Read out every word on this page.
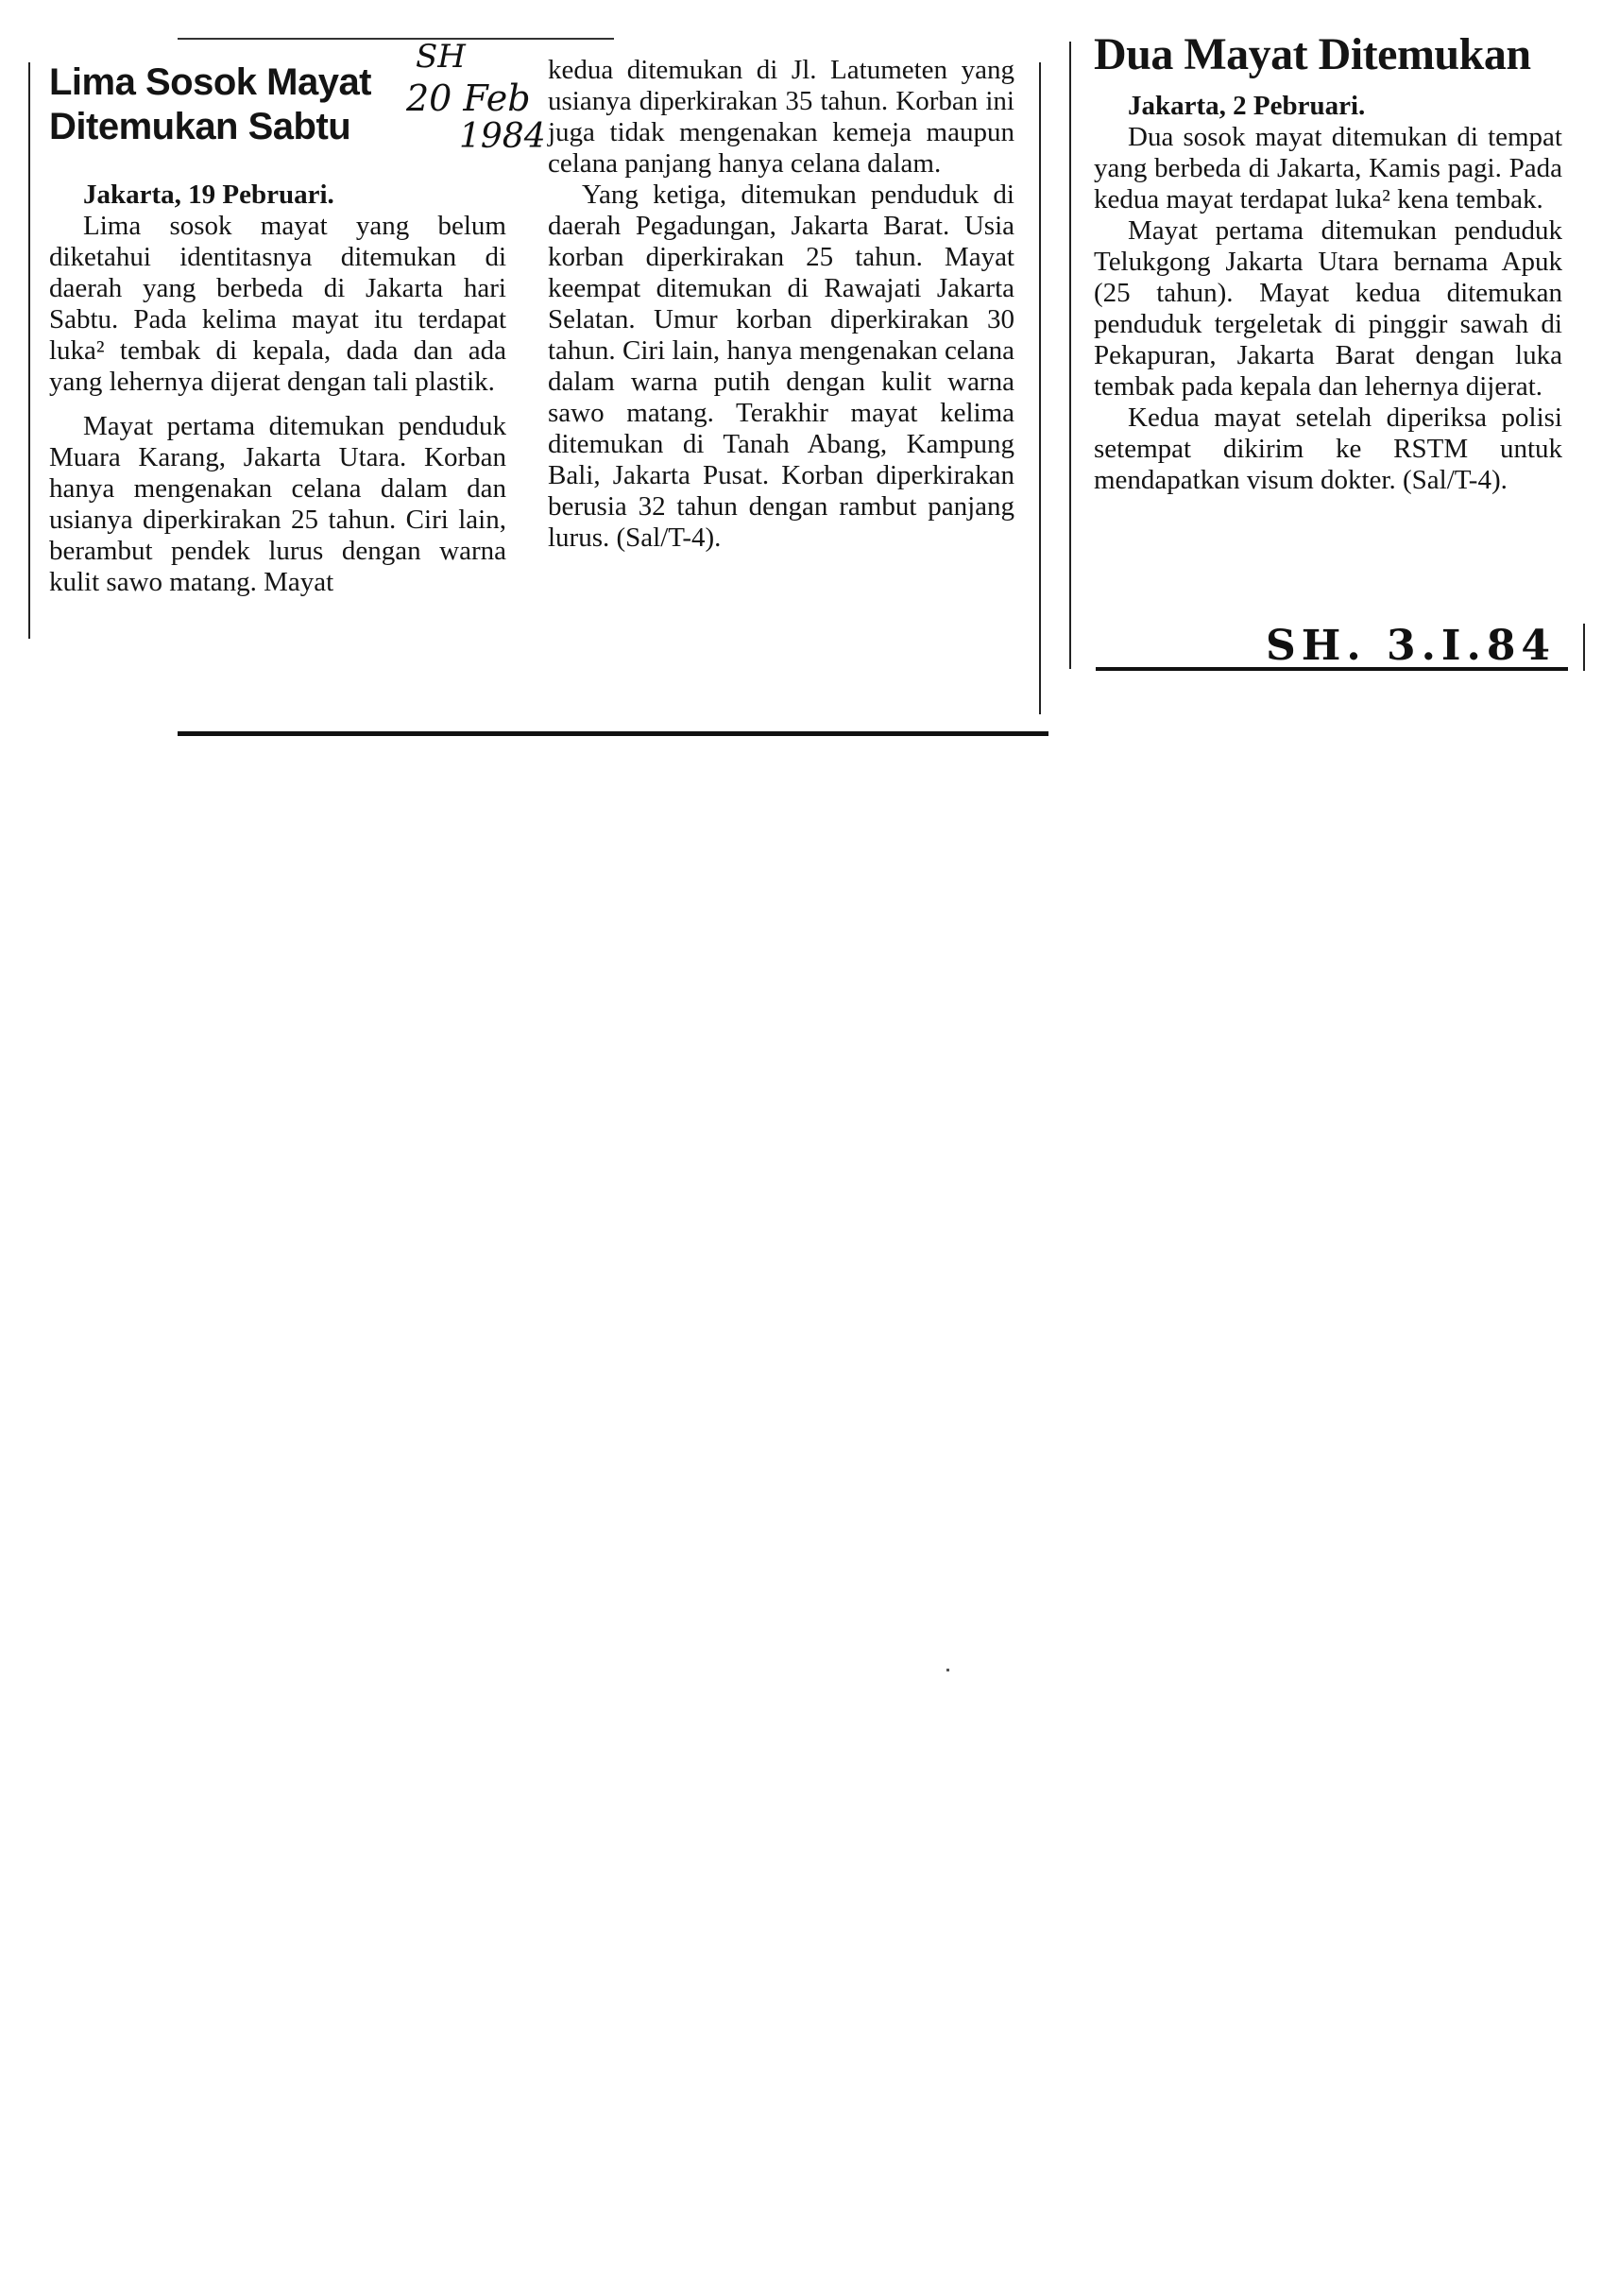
Lima Sosok Mayat
Ditemukan Sabtu
SH
20 Feb
1984

Jakarta, 19 Pebruari.

Lima sosok mayat yang belum diketahui identitasnya ditemukan di daerah yang berbeda di Jakarta hari Sabtu. Pada kelima mayat itu terdapat luka² tembak di kepala, dada dan ada yang lehernya dijerat dengan tali plastik.

Mayat pertama ditemukan penduduk Muara Karang, Jakarta Utara. Korban hanya mengenakan celana dalam dan usianya diperkirakan 25 tahun. Ciri lain, berambut pendek lurus dengan warna kulit sawo matang. Mayat

kedua ditemukan di Jl. Latumeten yang usianya diperkirakan 35 tahun. Korban ini juga tidak mengenakan kemeja maupun celana panjang hanya celana dalam.

Yang ketiga, ditemukan penduduk di daerah Pegadungan, Jakarta Barat. Usia korban diperkirakan 25 tahun. Mayat keempat ditemukan di Rawajati Jakarta Selatan. Umur korban diperkirakan 30 tahun. Ciri lain, hanya mengenakan celana dalam warna putih dengan kulit warna sawo matang. Terakhir mayat kelima ditemukan di Tanah Abang, Kampung Bali, Jakarta Pusat. Korban diperkirakan berusia 32 tahun dengan rambut panjang lurus. (Sal/T-4).

Dua Mayat Ditemukan

Jakarta, 2 Pebruari.

Dua sosok mayat ditemukan di tempat yang berbeda di Jakarta, Kamis pagi. Pada kedua mayat terdapat luka² kena tembak.

Mayat pertama ditemukan penduduk Telukgong Jakarta Utara bernama Apuk (25 tahun). Mayat kedua ditemukan penduduk tergeletak di pinggir sawah di Pekapuran, Jakarta Barat dengan luka tembak pada kepala dan lehernya dijerat.

Kedua mayat setelah diperiksa polisi setempat dikirim ke RSTM untuk mendapatkan visum dokter. (Sal/T-4).

SH. 3.I.84
